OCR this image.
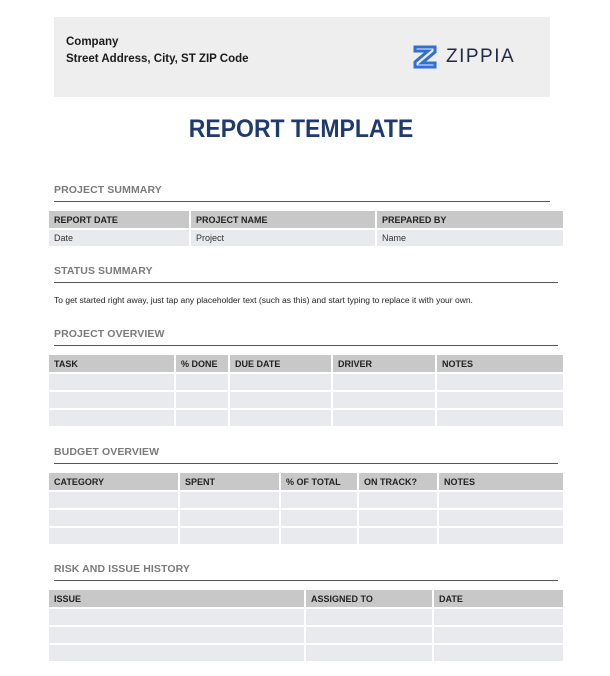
Company
Street Address, City, ST ZIP Code	ZIPPIA
REPORT TEMPLATE
PROJECT SUMMARY
REPORT DATE	PROJECT NAME	PREPARED BY
Date	Project	Name
STATUS SUMMARY
To get started right away, just tap any placeholder text (such as this) and start typing to replace it with your own.
PROJECT OVERVIEW
TASK	% DONE	DUE DATE	DRIVER	NOTES

BUDGET OVERVIEW
CATEGORY	SPENT	% OF TOTAL	ON TRACK?	NOTES

RISK AND ISSUE HISTORY
ISSUE	ASSIGNED TO	DATE
